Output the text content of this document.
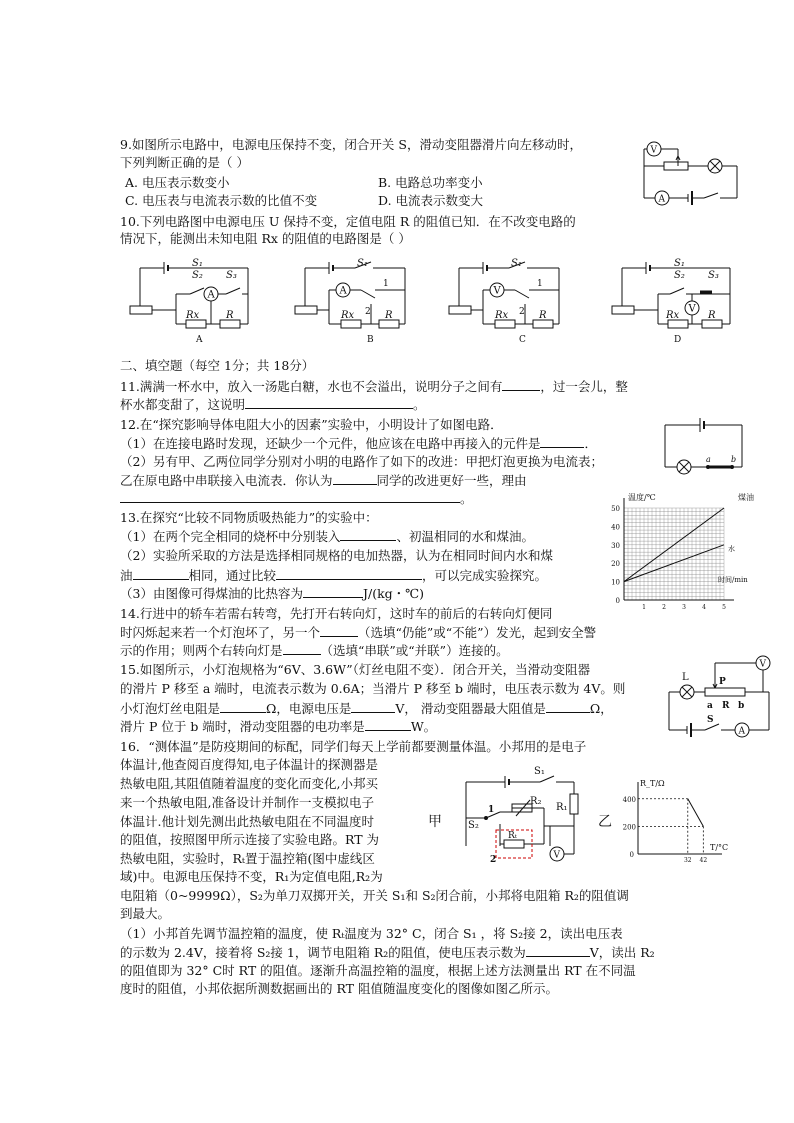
9.如图所示电路中，电源电压保持不变，闭合开关 S，滑动变阻器滑片向左移动时，
下列判断正确的是（ ）
A. 电压表示数变小	B. 电路总功率变小
C. 电压表与电流表示数的比值不变	D. 电流表示数变大
V
A
10.下列电路图中电源电压 U 保持不变，定值电阻 R 的阻值已知．在不改变电路的
情况下，能测出未知电阻 Rx 的阻值的电路图是（ ）
A
S₁
S₂ S₃
Rx	R
A
A
S₁
1
2
Rx	R
B
V
S₁
1
2
Rx	R
C
V
S₁
S₂ S₃
Rx	R
D
二、填空题（每空 1分；共 18分）
11.满满一杯水中，放入一汤匙白糖，水也不会溢出，说明分子之间有	，过一会儿，整
杯水都变甜了，这说明	。
12.在“探究影响导体电阻大小的因素”实验中，小明设计了如图电路．
（1）在连接电路时发现，还缺少一个元件，他应该在电路中再接入的元件是	．
（2）另有甲、乙两位同学分别对小明的电路作了如下的改进：甲把灯泡更换为电流表；
乙在原电路中串联接入电流表．你认为	同学的改进更好一些，理由
。
a	b
13.在探究“比较不同物质吸热能力”的实验中：
（1）在两个完全相同的烧杯中分别装入	、初温相同的水和煤油。
（2）实验所采取的方法是选择相同规格的电加热器，认为在相同时间内水和煤
油	相同，通过比较	，可以完成实验探究。
（3）由图像可得煤油的比热容为	J/(kg・℃)	0
10
20
30
40
50
1	2	3	4	5
温度/℃
时间/min
煤油
水
14.行进中的轿车若需右转弯，先打开右转向灯，这时车的前后的右转向灯便同
时闪烁起来若一个灯泡坏了，另一个	（选填“仍能”或“不能”）发光，起到安全警
示的作用；则两个右转向灯是	（选填“串联”或“并联”）连接的。
15.如图所示，小灯泡规格为“6V、3.6W”（灯丝电阻不变）．闭合开关，当滑动变阻器
的滑片 P 移至 a 端时，电流表示数为 0.6A；当滑片 P 移至 b 端时，电压表示数为 4V。则
小灯泡灯丝电阻是	Ω，电源电压是	V， 滑动变阻器最大阻值是	Ω，
滑片 P 位于 b 端时，滑动变阻器的电功率是	W。
V
L	P
a R b
S
A
16．“测体温”是防疫期间的标配，同学们每天上学前都要测量体温。小邦用的是电子
体温计,他查阅百度得知,电子体温计的探测器是
热敏电阻,其阻值随着温度的变化而变化,小邦买
来一个热敏电阻,准备设计并制作一支模拟电子
体温计.他计划先测出此热敏电阻在不同温度时
的阻值，按照图甲所示连接了实验电路。RT 为
热敏电阻，实验时，Rₜ置于温控箱(图中虚线区
域)中。电源电压保持不变，R₁为定值电阻,R₂为
电阻箱（0~9999Ω），S₂为单刀双掷开关，开关 S₁和 S₂闭合前，小邦将电阻箱 R₂的阻值调
到最大。
（1）小邦首先调节温控箱的温度，使 Rₜ温度为 32° C，闭合 S₁ ，将 S₂接 2，读出电压表
的示数为 2.4V，接着将 S₂接 1，调节电阻箱 R₂的阻值，使电压表示数为	V，读出 R₂
的阻值即为 32° C时 RT 的阻值。逐渐升高温控箱的温度，根据上述方法测量出 RT 在不同温
度时的阻值，小邦依据所测数据画出的 RT 阻值随温度变化的图像如图乙所示。
甲	乙
S₁
R₁
S₂
R₂
Rₜ
1
2	V
R_T/Ω
T/°C
0
200
400
32 42
